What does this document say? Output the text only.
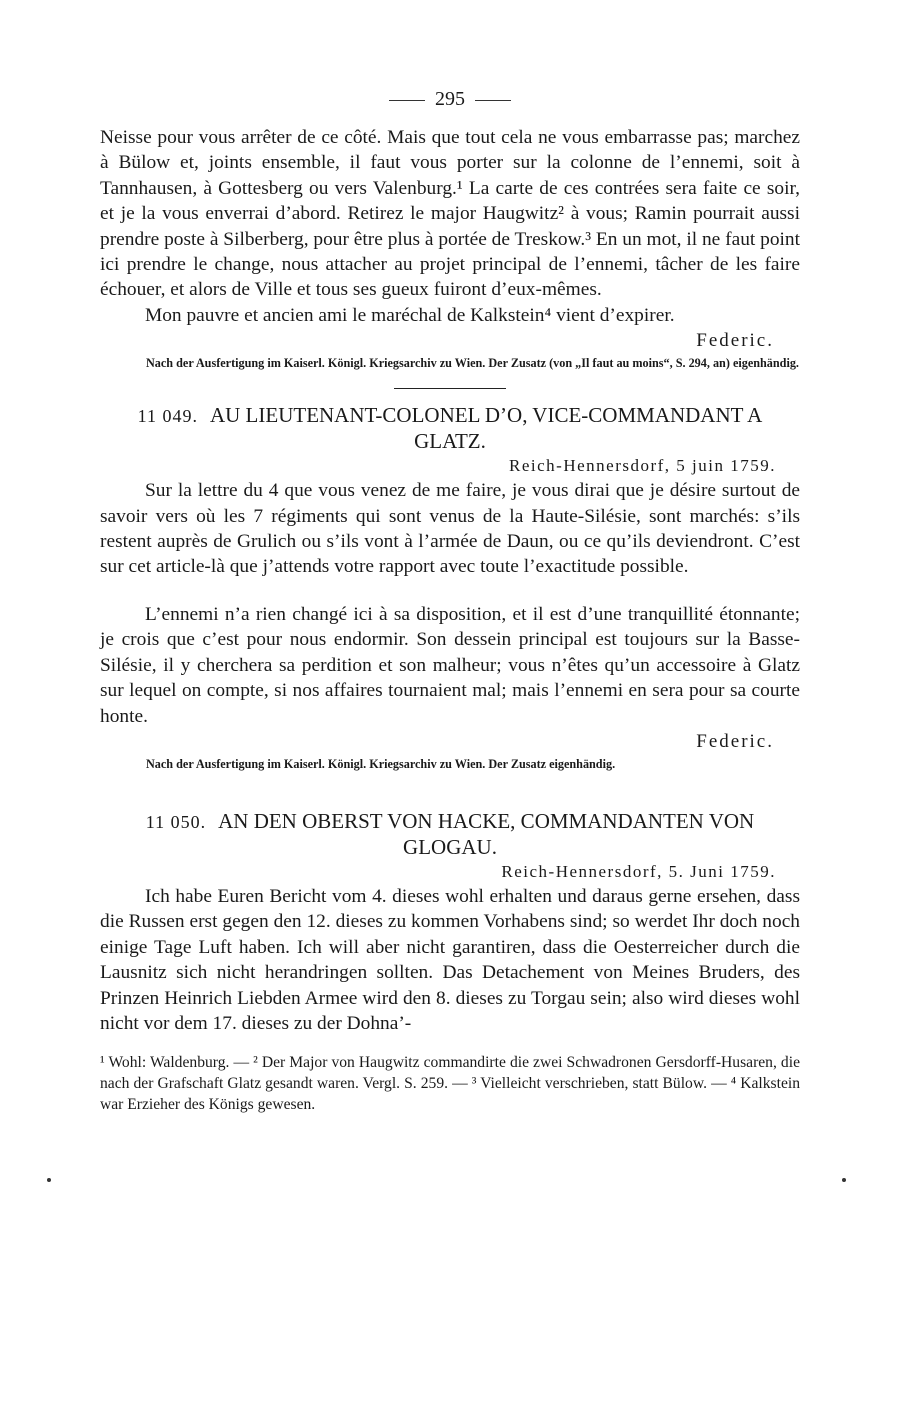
295

Neisse pour vous arrêter de ce côté. Mais que tout cela ne vous embarrasse pas; marchez à Bülow et, joints ensemble, il faut vous porter sur la colonne de l’ennemi, soit à Tannhausen, à Gottesberg ou vers Valenburg.¹ La carte de ces contrées sera faite ce soir, et je la vous enverrai d’abord. Retirez le major Haugwitz² à vous; Ramin pourrait aussi prendre poste à Silberberg, pour être plus à portée de Treskow.³ En un mot, il ne faut point ici prendre le change, nous attacher au projet principal de l’ennemi, tâcher de les faire échouer, et alors de Ville et tous ses gueux fuiront d’eux-mêmes.

Mon pauvre et ancien ami le maréchal de Kalkstein⁴ vient d’expirer.

Federic.
Nach der Ausfertigung im Kaiserl. Königl. Kriegsarchiv zu Wien. Der Zusatz (von „Il faut au moins“, S. 294, an) eigenhändig.
11 049. AU LIEUTENANT-COLONEL D’O, VICE-COMMANDANT A GLATZ.
Reich-Hennersdorf, 5 juin 1759.

Sur la lettre du 4 que vous venez de me faire, je vous dirai que je désire surtout de savoir vers où les 7 régiments qui sont venus de la Haute-Silésie, sont marchés: s’ils restent auprès de Grulich ou s’ils vont à l’armée de Daun, ou ce qu’ils deviendront. C’est sur cet article-là que j’attends votre rapport avec toute l’exactitude possible.

L’ennemi n’a rien changé ici à sa disposition, et il est d’une tranquillité étonnante; je crois que c’est pour nous endormir. Son dessein principal est toujours sur la Basse-Silésie, il y cherchera sa perdition et son malheur; vous n’êtes qu’un accessoire à Glatz sur lequel on compte, si nos affaires tournaient mal; mais l’ennemi en sera pour sa courte honte.

Federic.
Nach der Ausfertigung im Kaiserl. Königl. Kriegsarchiv zu Wien. Der Zusatz eigenhändig.
11 050. AN DEN OBERST VON HACKE, COMMANDANTEN VON GLOGAU.
Reich-Hennersdorf, 5. Juni 1759.

Ich habe Euren Bericht vom 4. dieses wohl erhalten und daraus gerne ersehen, dass die Russen erst gegen den 12. dieses zu kommen Vorhabens sind; so werdet Ihr doch noch einige Tage Luft haben. Ich will aber nicht garantiren, dass die Oesterreicher durch die Lausnitz sich nicht herandringen sollten. Das Detachement von Meines Bruders, des Prinzen Heinrich Liebden Armee wird den 8. dieses zu Torgau sein; also wird dieses wohl nicht vor dem 17. dieses zu der Dohna’-

¹ Wohl: Waldenburg. — ² Der Major von Haugwitz commandirte die zwei Schwadronen Gersdorff-Husaren, die nach der Grafschaft Glatz gesandt waren. Vergl. S. 259. — ³ Vielleicht verschrieben, statt Bülow. — ⁴ Kalkstein war Erzieher des Königs gewesen.
